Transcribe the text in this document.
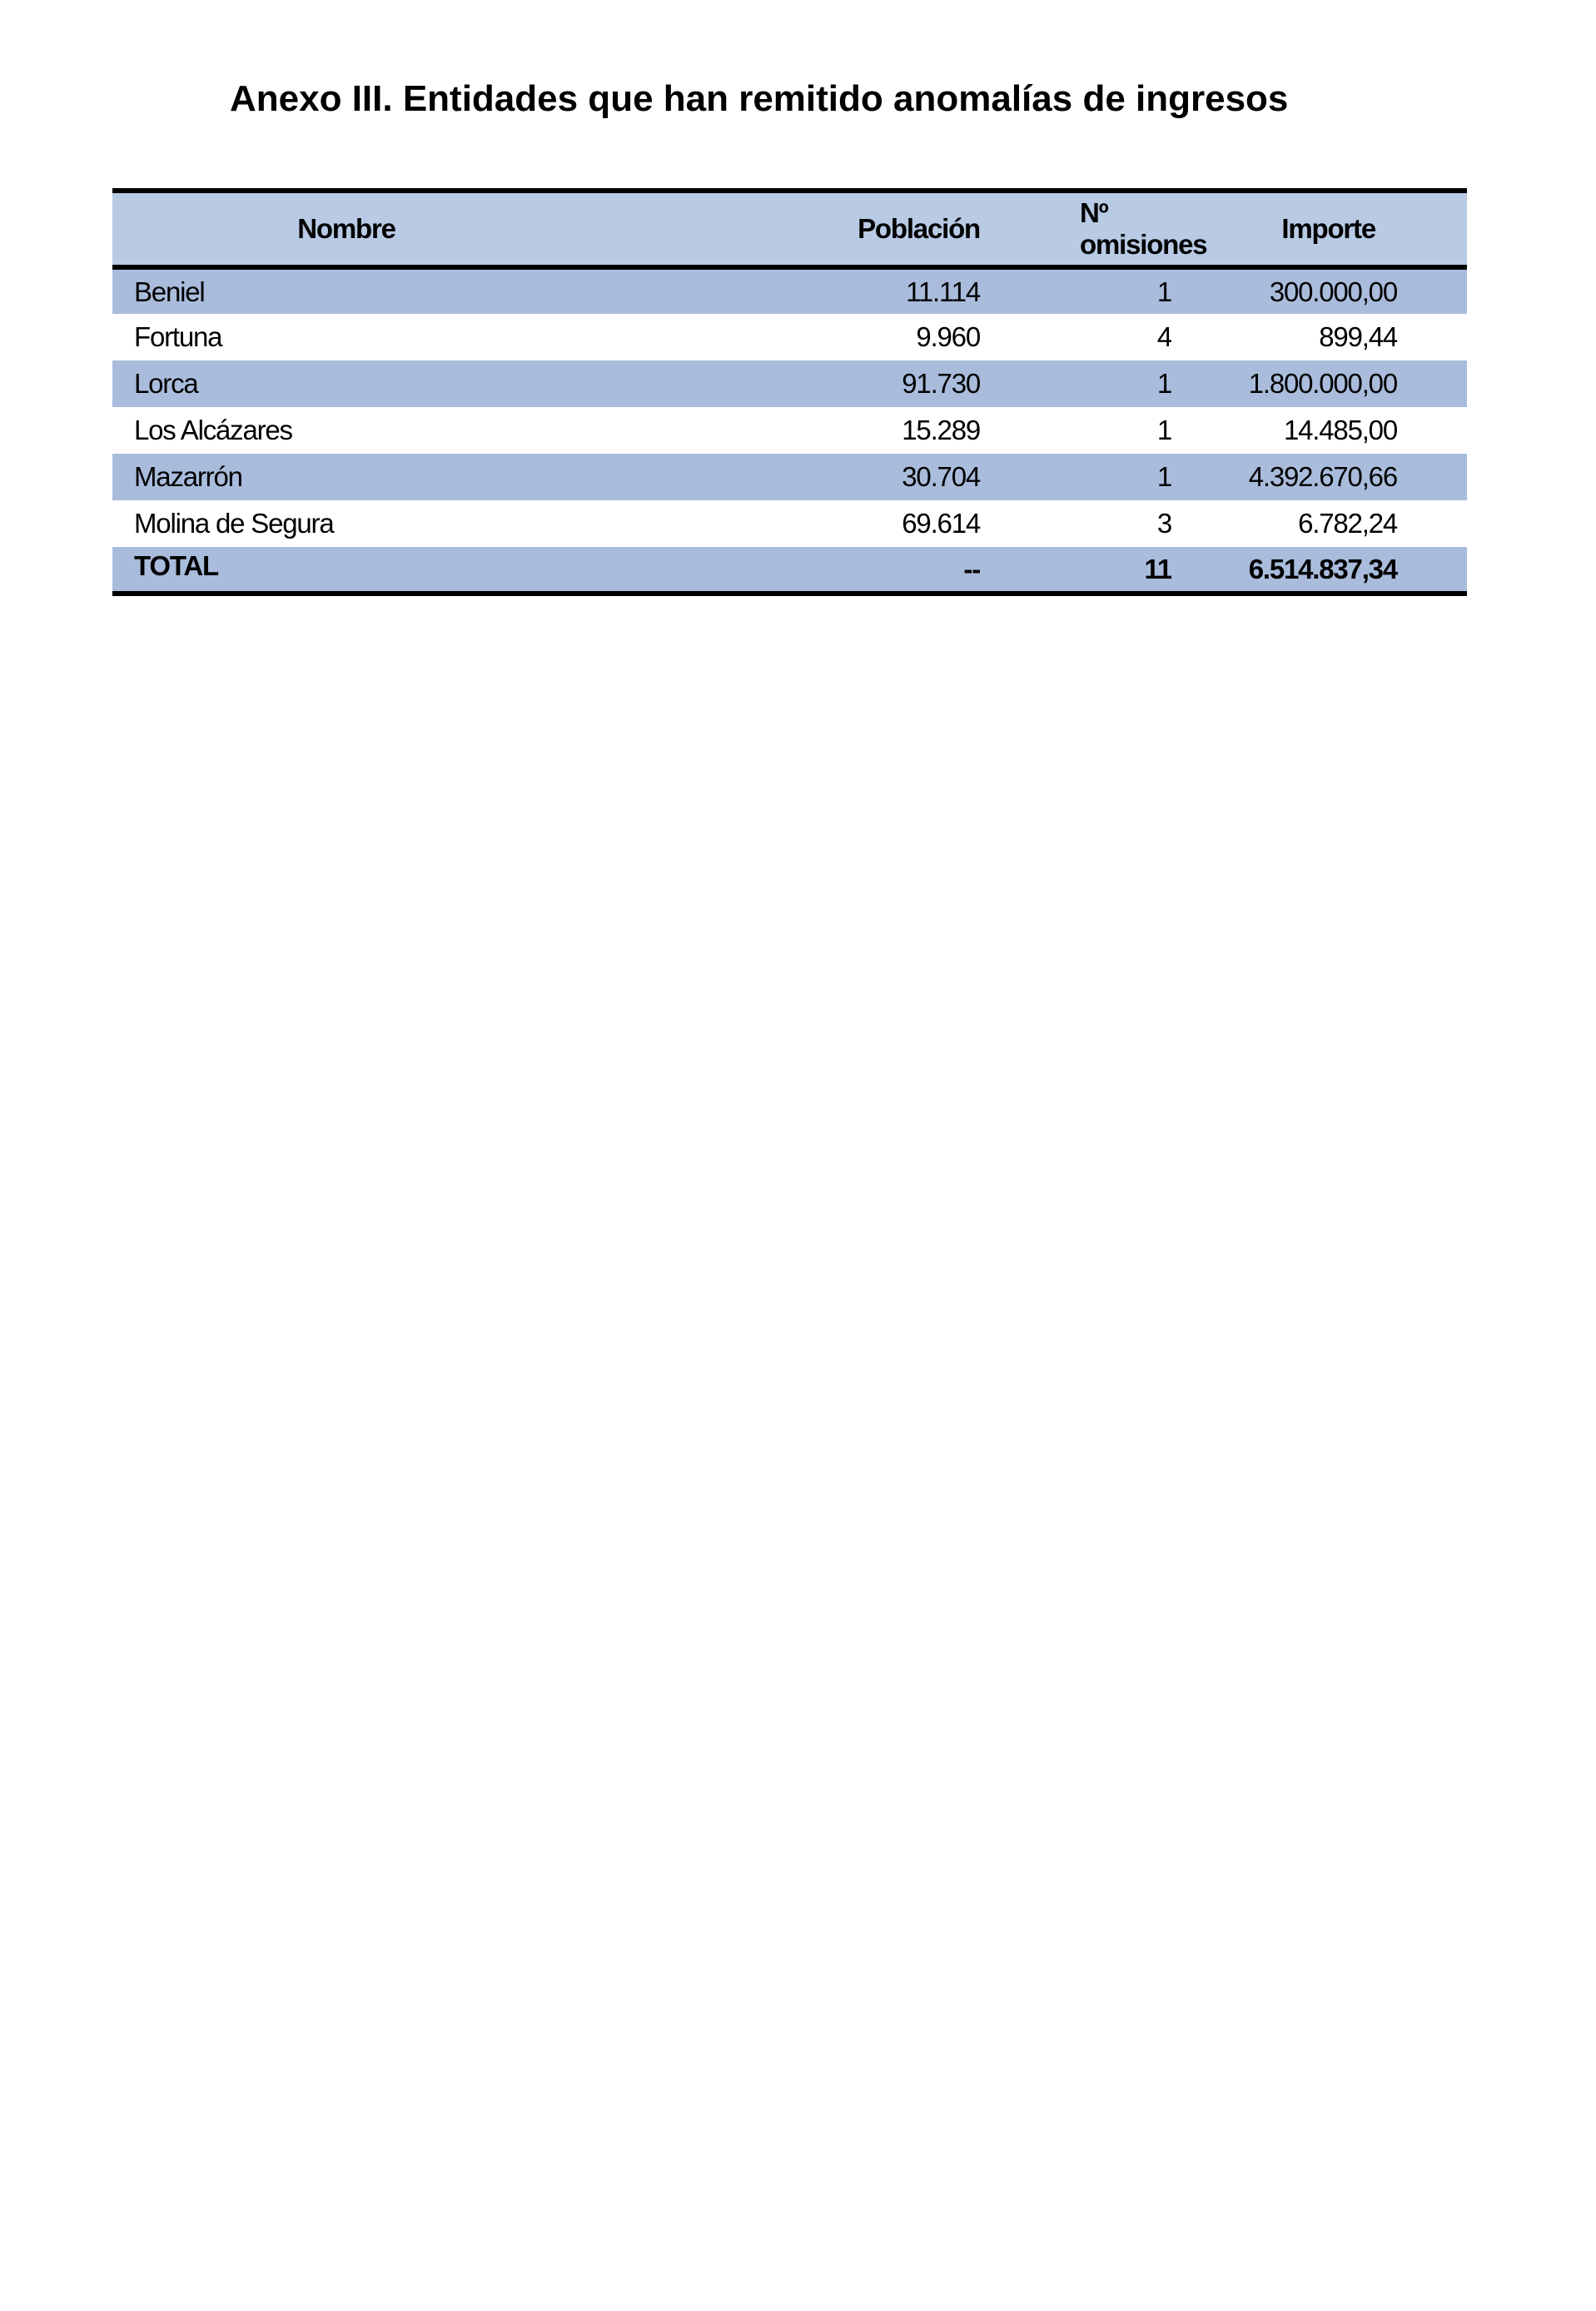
Anexo III. Entidades que han remitido anomalías de ingresos
Nombre	Población	Nº omisiones	Importe
Beniel	11.114	1	300.000,00
Fortuna	9.960	4	899,44
Lorca	91.730	1	1.800.000,00
Los Alcázares	15.289	1	14.485,00
Mazarrón	30.704	1	4.392.670,66
Molina de Segura	69.614	3	6.782,24
TOTAL	--	11	6.514.837,34
